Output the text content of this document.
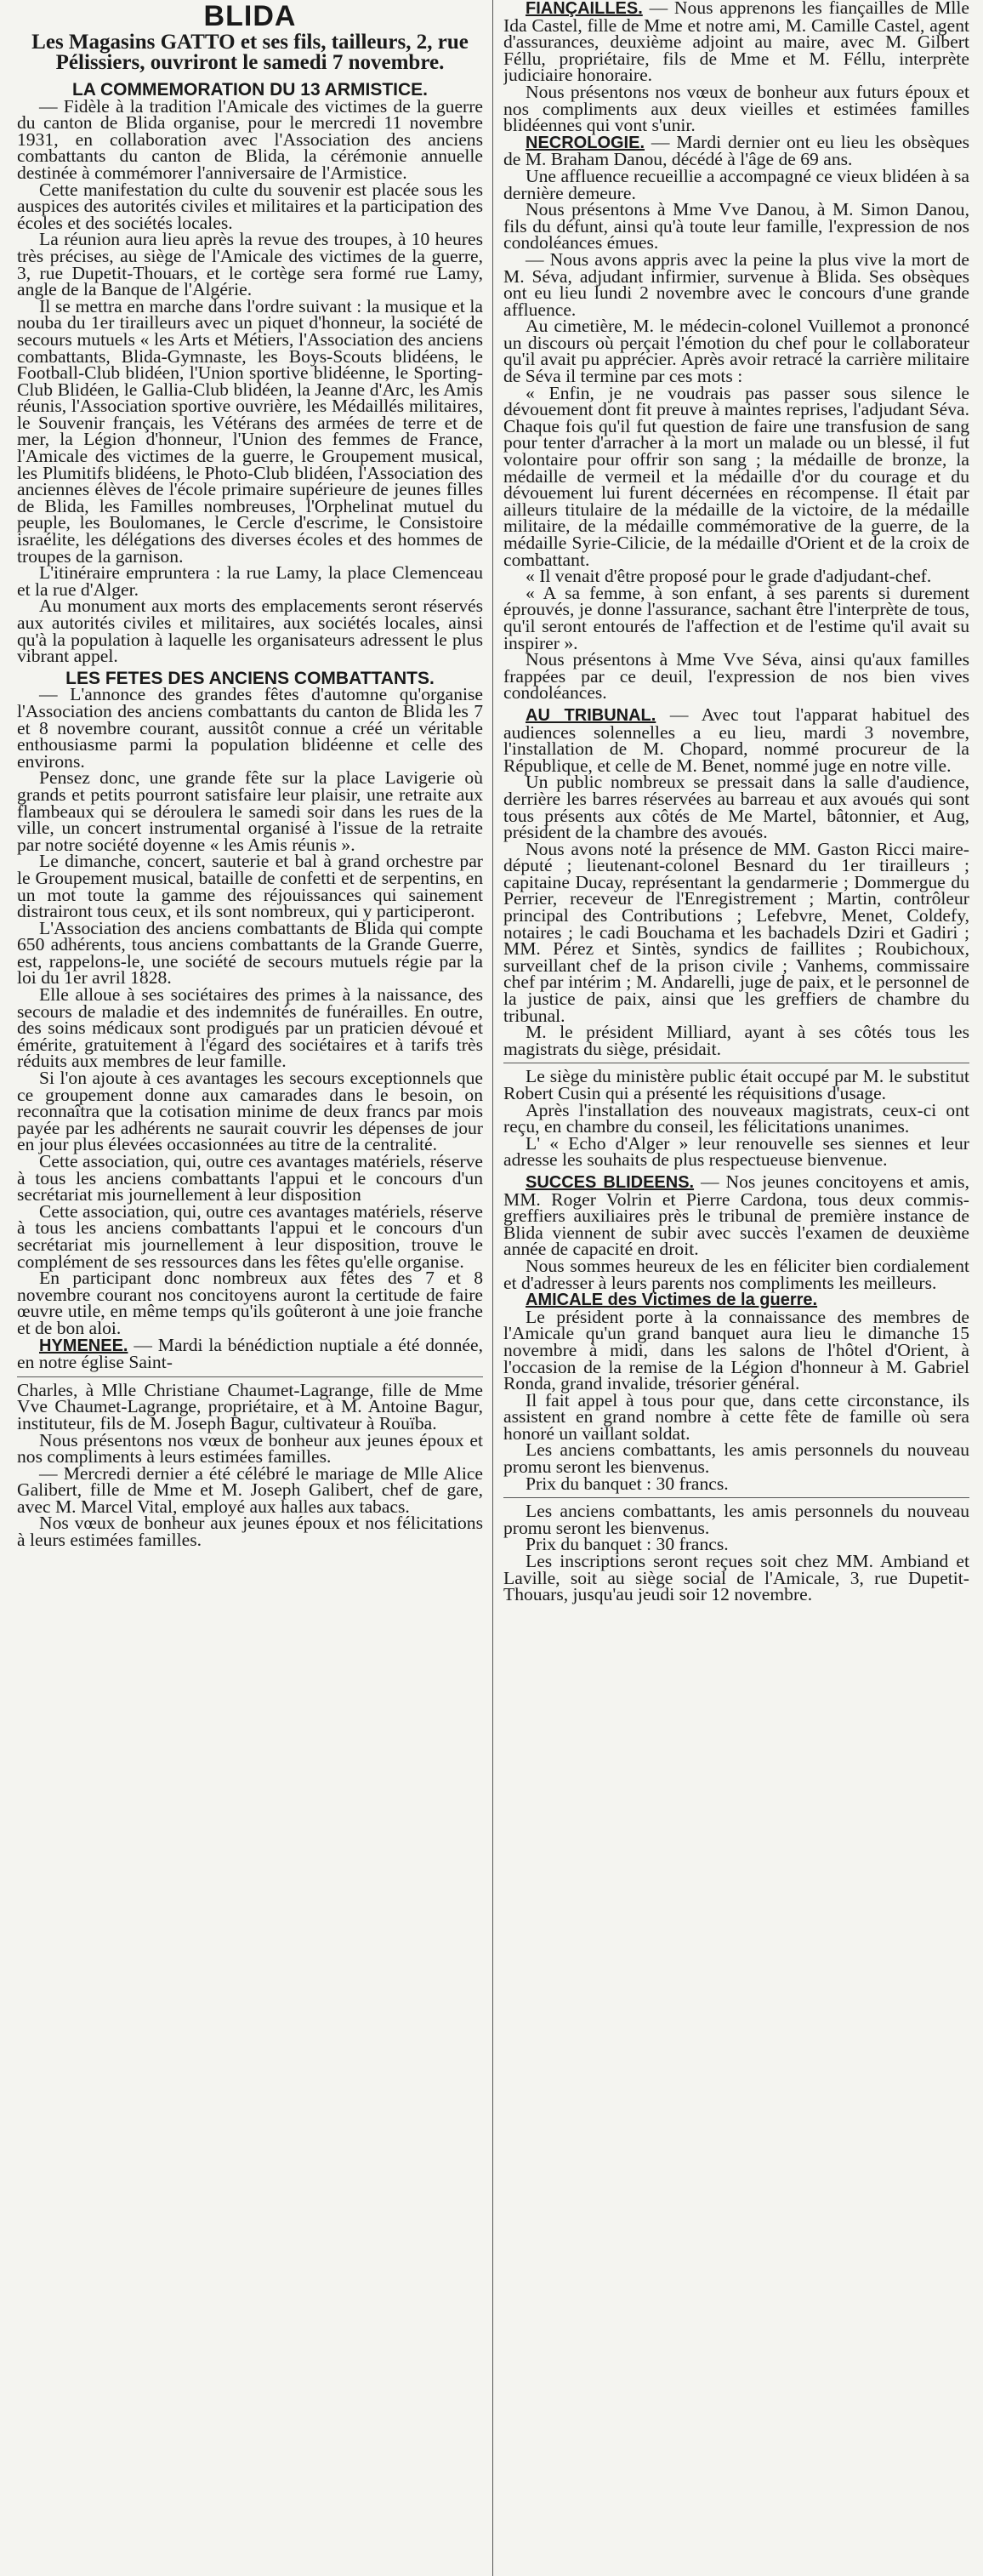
BLIDA

Les Magasins GATTO et ses fils, tailleurs, 2, rue Pélissiers, ouvriront le samedi 7 novembre.

LA COMMEMORATION DU 13 ARMISTICE.

— Fidèle à la tradition l'Amicale des victimes de la guerre du canton de Blida organise, pour le mercredi 11 novembre 1931, en collaboration avec l'Association des anciens combattants du canton de Blida, la cérémonie annuelle destinée à commémorer l'anniversaire de l'Armistice.

Cette manifestation du culte du souvenir est placée sous les auspices des autorités civiles et militaires et la participation des écoles et des sociétés locales.

La réunion aura lieu après la revue des troupes, à 10 heures très précises, au siège de l'Amicale des victimes de la guerre, 3, rue Dupetit-Thouars, et le cortège sera formé rue Lamy, angle de la Banque de l'Algérie.

Il se mettra en marche dans l'ordre suivant : la musique et la nouba du 1er tirailleurs avec un piquet d'honneur, la société de secours mutuels « les Arts et Métiers, l'Association des anciens combattants, Blida-Gymnaste, les Boys-Scouts blidéens, le Football-Club blidéen, l'Union sportive blidéenne, le Sporting-Club Blidéen, le Gallia-Club blidéen, la Jeanne d'Arc, les Amis réunis, l'Association sportive ouvrière, les Médaillés militaires, le Souvenir français, les Vétérans des armées de terre et de mer, la Légion d'honneur, l'Union des femmes de France, l'Amicale des victimes de la guerre, le Groupement musical, les Plumitifs blidéens, le Photo-Club blidéen, l'Association des anciennes élèves de l'école primaire supérieure de jeunes filles de Blida, les Familles nombreuses, l'Orphelinat mutuel du peuple, les Boulomanes, le Cercle d'escrime, le Consistoire israélite, les délégations des diverses écoles et des hommes de troupes de la garnison.

L'itinéraire empruntera : la rue Lamy, la place Clemenceau et la rue d'Alger.

Au monument aux morts des emplacements seront réservés aux autorités civiles et militaires, aux sociétés locales, ainsi qu'à la population à laquelle les organisateurs adressent le plus vibrant appel.

LES FETES DES ANCIENS COMBATTANTS.

— L'annonce des grandes fêtes d'automne qu'organise l'Association des anciens combattants du canton de Blida les 7 et 8 novembre courant, aussitôt connue a créé un véritable enthousiasme parmi la population blidéenne et celle des environs.

Pensez donc, une grande fête sur la place Lavigerie où grands et petits pourront satisfaire leur plaisir, une retraite aux flambeaux qui se déroulera le samedi soir dans les rues de la ville, un concert instrumental organisé à l'issue de la retraite par notre société doyenne « les Amis réunis ».

Le dimanche, concert, sauterie et bal à grand orchestre par le Groupement musical, bataille de confetti et de serpentins, en un mot toute la gamme des réjouissances qui sainement distrairont tous ceux, et ils sont nombreux, qui y participeront.

L'Association des anciens combattants de Blida qui compte 650 adhérents, tous anciens combattants de la Grande Guerre, est, rappelons-le, une société de secours mutuels régie par la loi du 1er avril 1828.

Elle alloue à ses sociétaires des primes à la naissance, des secours de maladie et des indemnités de funérailles. En outre, des soins médicaux sont prodigués par un praticien dévoué et émérite, gratuitement à l'égard des sociétaires et à tarifs très réduits aux membres de leur famille.

Si l'on ajoute à ces avantages les secours exceptionnels que ce groupement donne aux camarades dans le besoin, on reconnaîtra que la cotisation minime de deux francs par mois payée par les adhérents ne saurait couvrir les dépenses de jour en jour plus élevées occasionnées au titre de la centralité.

Cette association, qui, outre ces avantages matériels, réserve à tous les anciens combattants l'appui et le concours d'un secrétariat mis journellement à leur disposition

Cette association, qui, outre ces avantages matériels, réserve à tous les anciens combattants l'appui et le concours d'un secrétariat mis journellement à leur disposition, trouve le complément de ses ressources dans les fêtes qu'elle organise.

En participant donc nombreux aux fêtes des 7 et 8 novembre courant nos concitoyens auront la certitude de faire œuvre utile, en même temps qu'ils goûteront à une joie franche et de bon aloi.

HYMENEE. — Mardi la bénédiction nuptiale a été donnée, en notre église Saint-

Charles, à Mlle Christiane Chaumet-Lagrange, fille de Mme Vve Chaumet-Lagrange, propriétaire, et à M. Antoine Bagur, instituteur, fils de M. Joseph Bagur, cultivateur à Rouïba.

Nous présentons nos vœux de bonheur aux jeunes époux et nos compliments à leurs estimées familles.

— Mercredi dernier a été célébré le mariage de Mlle Alice Galibert, fille de Mme et M. Joseph Galibert, chef de gare, avec M. Marcel Vital, employé aux halles aux tabacs.

Nos vœux de bonheur aux jeunes époux et nos félicitations à leurs estimées familles.

FIANÇAILLES. — Nous apprenons les fiançailles de Mlle Ida Castel, fille de Mme et notre ami, M. Camille Castel, agent d'assurances, deuxième adjoint au maire, avec M. Gilbert Féllu, propriétaire, fils de Mme et M. Féllu, interprète judiciaire honoraire.

Nous présentons nos vœux de bonheur aux futurs époux et nos compliments aux deux vieilles et estimées familles blidéennes qui vont s'unir.

NECROLOGIE. — Mardi dernier ont eu lieu les obsèques de M. Braham Danou, décédé à l'âge de 69 ans.

Une affluence recueillie a accompagné ce vieux blidéen à sa dernière demeure.

Nous présentons à Mme Vve Danou, à M. Simon Danou, fils du défunt, ainsi qu'à toute leur famille, l'expression de nos condoléances émues.

— Nous avons appris avec la peine la plus vive la mort de M. Séva, adjudant infirmier, survenue à Blida. Ses obsèques ont eu lieu lundi 2 novembre avec le concours d'une grande affluence.

Au cimetière, M. le médecin-colonel Vuillemot a prononcé un discours où perçait l'émotion du chef pour le collaborateur qu'il avait pu apprécier. Après avoir retracé la carrière militaire de Séva il termine par ces mots :

« Enfin, je ne voudrais pas passer sous silence le dévouement dont fit preuve à maintes reprises, l'adjudant Séva. Chaque fois qu'il fut question de faire une transfusion de sang pour tenter d'arracher à la mort un malade ou un blessé, il fut volontaire pour offrir son sang ; la médaille de bronze, la médaille de vermeil et la médaille d'or du courage et du dévouement lui furent décernées en récompense. Il était par ailleurs titulaire de la médaille de la victoire, de la médaille militaire, de la médaille commémorative de la guerre, de la médaille Syrie-Cilicie, de la médaille d'Orient et de la croix de combattant.

« Il venait d'être proposé pour le grade d'adjudant-chef.

« A sa femme, à son enfant, à ses parents si durement éprouvés, je donne l'assurance, sachant être l'interprète de tous, qu'il seront entourés de l'affection et de l'estime qu'il avait su inspirer ».

Nous présentons à Mme Vve Séva, ainsi qu'aux familles frappées par ce deuil, l'expression de nos bien vives condoléances.

AU TRIBUNAL. — Avec tout l'apparat habituel des audiences solennelles a eu lieu, mardi 3 novembre, l'installation de M. Chopard, nommé procureur de la République, et celle de M. Benet, nommé juge en notre ville.

Un public nombreux se pressait dans la salle d'audience, derrière les barres réservées au barreau et aux avoués qui sont tous présents aux côtés de Me Martel, bâtonnier, et Aug, président de la chambre des avoués.

Nous avons noté la présence de MM. Gaston Ricci maire-député ; lieutenant-colonel Besnard du 1er tirailleurs ; capitaine Ducay, représentant la gendarmerie ; Dommergue du Perrier, receveur de l'Enregistrement ; Martin, contrôleur principal des Contributions ; Lefebvre, Menet, Coldefy, notaires ; le cadi Bouchama et les bachadels Dziri et Gadiri ; MM. Pérez et Sintès, syndics de faillites ; Roubichoux, surveillant chef de la prison civile ; Vanhems, commissaire chef par intérim ; M. Andarelli, juge de paix, et le personnel de la justice de paix, ainsi que les greffiers de chambre du tribunal.

M. le président Milliard, ayant à ses côtés tous les magistrats du siège, présidait.

Le siège du ministère public était occupé par M. le substitut Robert Cusin qui a présenté les réquisitions d'usage.

Après l'installation des nouveaux magistrats, ceux-ci ont reçu, en chambre du conseil, les félicitations unanimes.

L' « Echo d'Alger » leur renouvelle ses siennes et leur adresse les souhaits de plus respectueuse bienvenue.

SUCCES BLIDEENS. — Nos jeunes concitoyens et amis, MM. Roger Volrin et Pierre Cardona, tous deux commis-greffiers auxiliaires près le tribunal de première instance de Blida viennent de subir avec succès l'examen de deuxième année de capacité en droit.

Nous sommes heureux de les en féliciter bien cordialement et d'adresser à leurs parents nos compliments les meilleurs.

AMICALE des Victimes de la guerre.

Le président porte à la connaissance des membres de l'Amicale qu'un grand banquet aura lieu le dimanche 15 novembre à midi, dans les salons de l'hôtel d'Orient, à l'occasion de la remise de la Légion d'honneur à M. Gabriel Ronda, grand invalide, trésorier général.

Il fait appel à tous pour que, dans cette circonstance, ils assistent en grand nombre à cette fête de famille où sera honoré un vaillant soldat.

Les anciens combattants, les amis personnels du nouveau promu seront les bienvenus.

Prix du banquet : 30 francs.

Les anciens combattants, les amis personnels du nouveau promu seront les bienvenus.

Prix du banquet : 30 francs.

Les inscriptions seront reçues soit chez MM. Ambiand et Laville, soit au siège social de l'Amicale, 3, rue Dupetit-Thouars, jusqu'au jeudi soir 12 novembre.
